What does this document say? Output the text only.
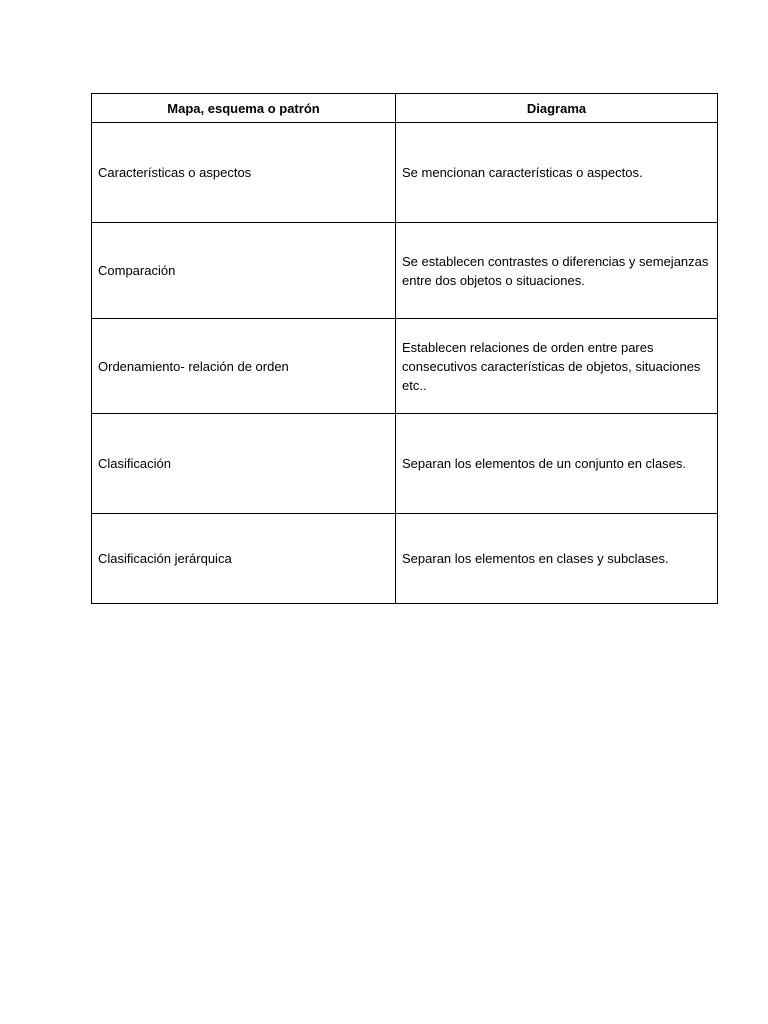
Mapa, esquema o patrón	Diagrama
Características o aspectos	Se mencionan características o aspectos.
Comparación	Se establecen contrastes o diferencias y semejanzas entre dos objetos o situaciones.
Ordenamiento- relación de orden	Establecen relaciones de orden entre pares consecutivos características de objetos, situaciones etc..
Clasificación	Separan los elementos de un conjunto en clases.
Clasificación jerárquica	Separan los elementos en clases y subclases.
